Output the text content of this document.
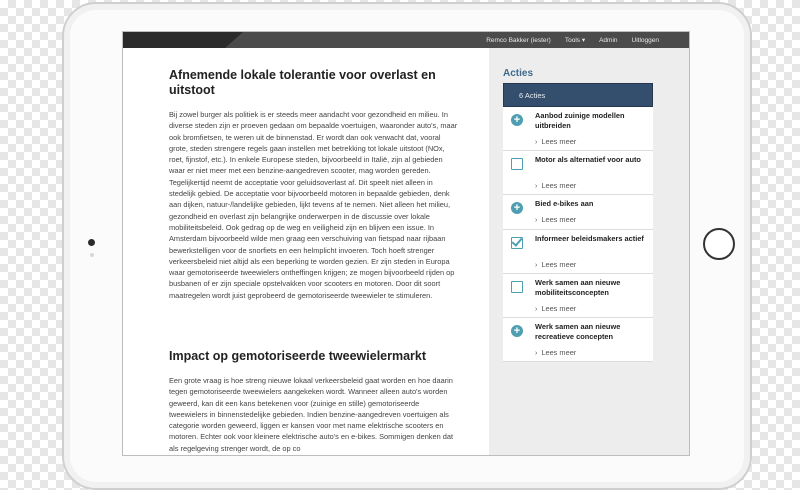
Remco Bakker (iester) Tools ▾ Admin Uitloggen
Afnemende lokale tolerantie voor overlast en uitstoot

Bij zowel burger als politiek is er steeds meer aandacht voor gezondheid en milieu. In diverse steden zijn er proeven gedaan om bepaalde voertuigen, waaronder auto's, maar ook bromfietsen, te weren uit de binnenstad. Er wordt dan ook verwacht dat, vooral grote, steden strengere regels gaan instellen met betrekking tot lokale uitstoot (NOx, roet, fijnstof, etc.). In enkele Europese steden, bijvoorbeeld in Italië, zijn al gebieden waar er niet meer met een benzine-aangedreven scooter, mag worden gereden. Tegelijkertijd neemt de acceptatie voor geluidsoverlast af. Dit speelt niet alleen in stedelijk gebied. De acceptatie voor bijvoorbeeld motoren in bepaalde gebieden, denk aan dijken, natuur-/landelijke gebieden, lijkt tevens af te nemen. Niet alleen het milieu, gezondheid en overlast zijn belangrijke onderwerpen in de discussie over lokale mobiliteitsbeleid. Ook gedrag op de weg en veiligheid zijn en blijven een issue. In Amsterdam bijvoorbeeld wilde men graag een verschuiving van fietspad naar rijbaan bewerkstelligen voor de snorfiets en een helmplicht invoeren. Toch hoeft strenger verkeersbeleid niet altijd als een beperking te worden gezien. Er zijn steden in Europa waar gemotoriseerde tweewielers ontheffingen krijgen; ze mogen bijvoorbeeld rijden op busbanen of er zijn speciale opstelvakken voor scooters en motoren. Door dit soort maatregelen wordt juist geprobeerd de gemotoriseerde tweewieler te stimuleren.

Impact op gemotoriseerde tweewielermarkt

Een grote vraag is hoe streng nieuwe lokaal verkeersbeleid gaat worden en hoe daarin tegen gemotoriseerde tweewielers aangekeken wordt. Wanneer alleen auto's worden geweerd, kan dit een kans betekenen voor (zuinige en stille) gemotoriseerde tweewielers in binnenstedelijke gebieden. Indien benzine-aangedreven voertuigen als categorie worden geweerd, liggen er kansen voor met name elektrische scooters en motoren. Echter ook voor kleinere elektrische auto's en e-bikes. Sommigen denken dat als regelgeving strenger wordt, de op co

Acties
6 Acties
+	Aanbod zuinige modellen uitbreiden
› Lees meer
Motor als alternatief voor auto
› Lees meer
+	Bied e-bikes aan
› Lees meer
Informeer beleidsmakers actief
› Lees meer
Werk samen aan nieuwe mobiliteitsconcepten
› Lees meer
+	Werk samen aan nieuwe recreatieve concepten
› Lees meer
